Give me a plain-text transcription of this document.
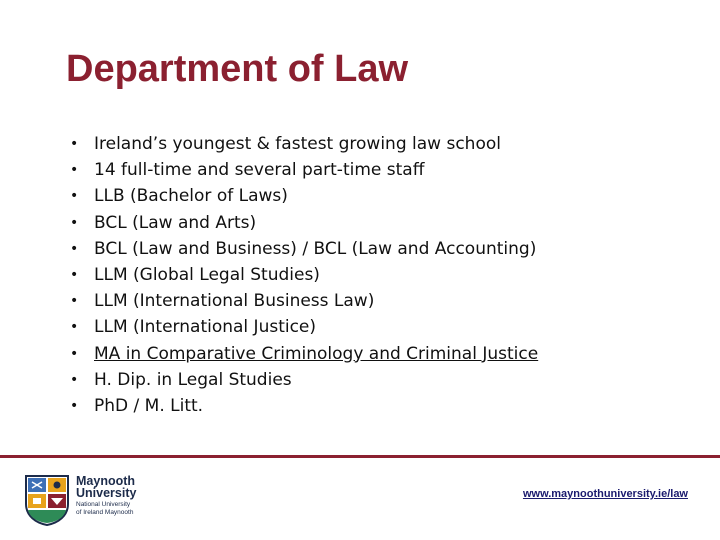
Department of Law
• Ireland’s youngest & fastest growing law school
• 14 full-time and several part-time staff
• LLB (Bachelor of Laws)
• BCL (Law and Arts)
• BCL (Law and Business) / BCL (Law and Accounting)
• LLM (Global Legal Studies)
• LLM (International Business Law)
• LLM (International Justice)
• MA in Comparative Criminology and Criminal Justice
• H. Dip. in Legal Studies
• PhD / M. Litt.
Maynooth
University
National University
of Ireland Maynooth
www.maynoothuniversity.ie/law
